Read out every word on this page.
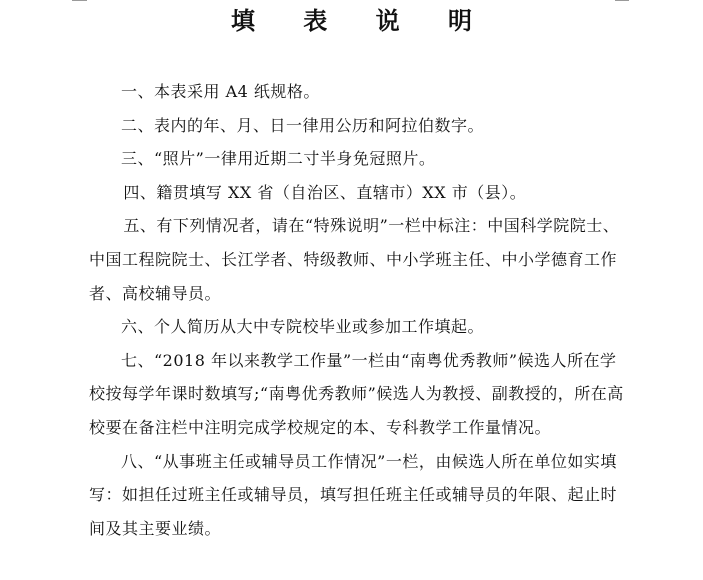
填 表 说 明

一、本表采用 A4 纸规格。

二、表内的年、月、日一律用公历和阿拉伯数字。

三、“照片”一律用近期二寸半身免冠照片。

四、籍贯填写 XX 省（自治区、直辖市）XX 市（县）。

五、有下列情况者，请在“特殊说明”一栏中标注：中国科学院院士、中国工程院院士、长江学者、特级教师、中小学班主任、中小学德育工作者、高校辅导员。

六、个人简历从大中专院校毕业或参加工作填起。

七、“2018 年以来教学工作量”一栏由“南粤优秀教师”候选人所在学校按每学年课时数填写;“南粤优秀教师”候选人为教授、副教授的，所在高校要在备注栏中注明完成学校规定的本、专科教学工作量情况。

八、“从事班主任或辅导员工作情况”一栏，由候选人所在单位如实填写：如担任过班主任或辅导员，填写担任班主任或辅导员的年限、起止时间及其主要业绩。
